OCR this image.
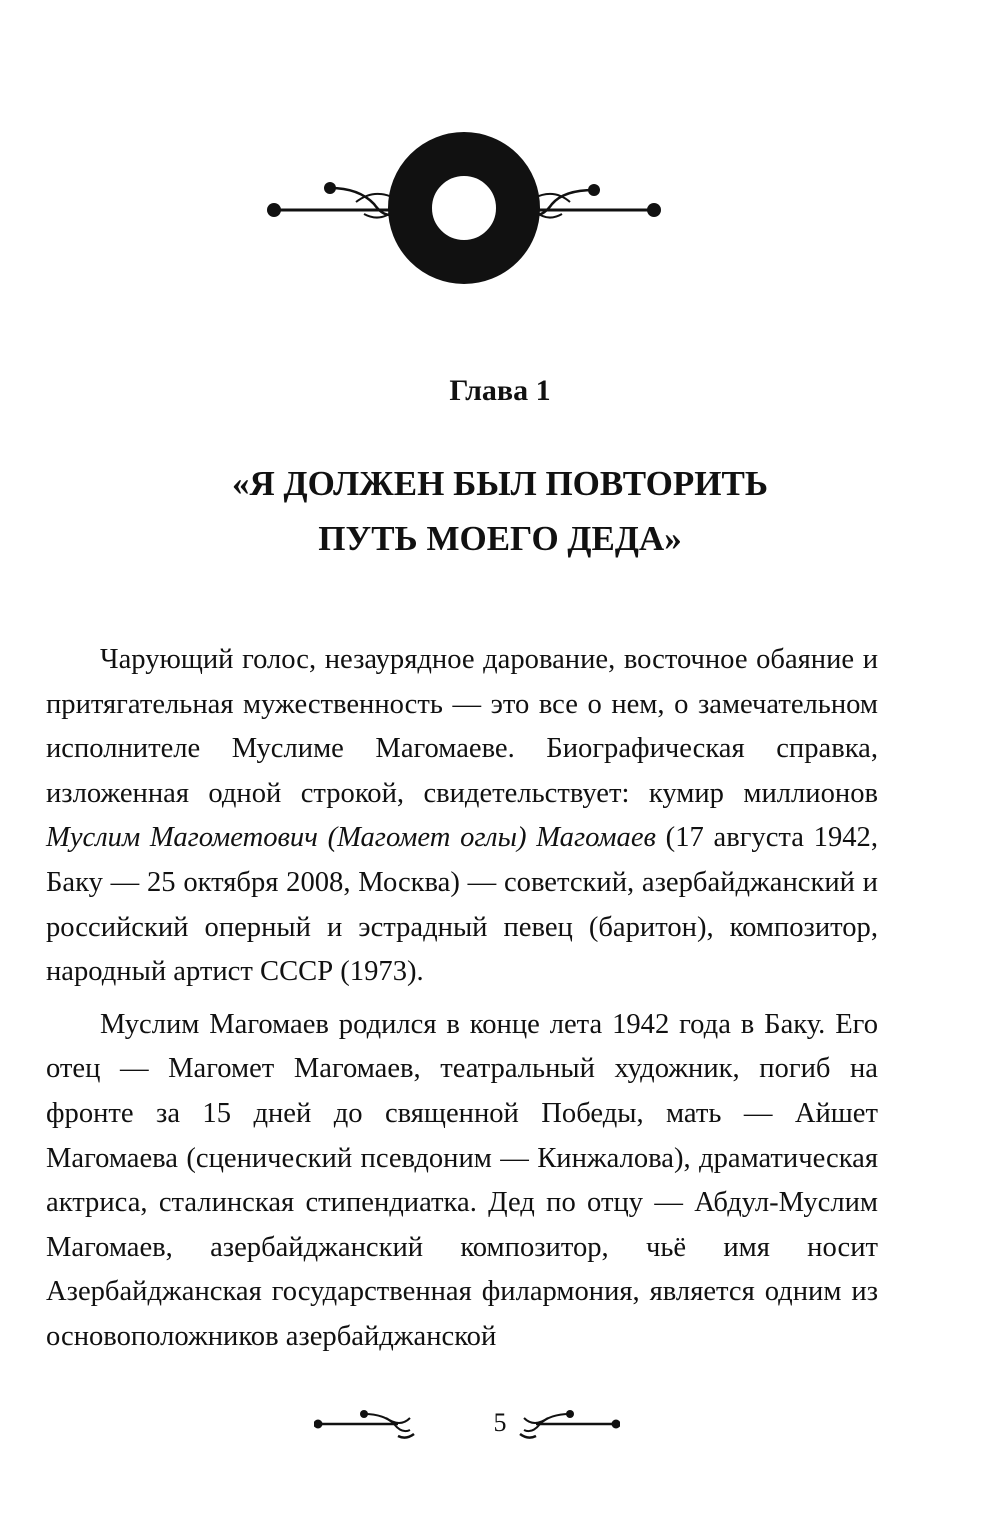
Глава 1
«Я ДОЛЖЕН БЫЛ ПОВТОРИТЬ
ПУТЬ МОЕГО ДЕДА»

Чарующий голос, незаурядное дарование, восточное обаяние и притягательная мужественность — это все о нем, о замечательном исполнителе Муслиме Магомаеве. Биографическая справка, изложенная одной строкой, свидетельствует: кумир миллионов Муслим Магометович (Магомет оглы) Магомаев (17 августа 1942, Баку — 25 октября 2008, Москва) — советский, азербайджанский и российский оперный и эстрадный певец (баритон), композитор, народный артист СССР (1973).

Муслим Магомаев родился в конце лета 1942 года в Баку. Его отец — Магомет Магомаев, театральный художник, погиб на фронте за 15 дней до священной Победы, мать — Айшет Магомаева (сценический псевдоним — Кинжалова), драматическая актриса, сталинская стипендиатка. Дед по отцу — Абдул-Муслим Магомаев, азербайджанский композитор, чьё имя носит Азербайджанская государственная филармония, является одним из основоположников азербайджанской

5
